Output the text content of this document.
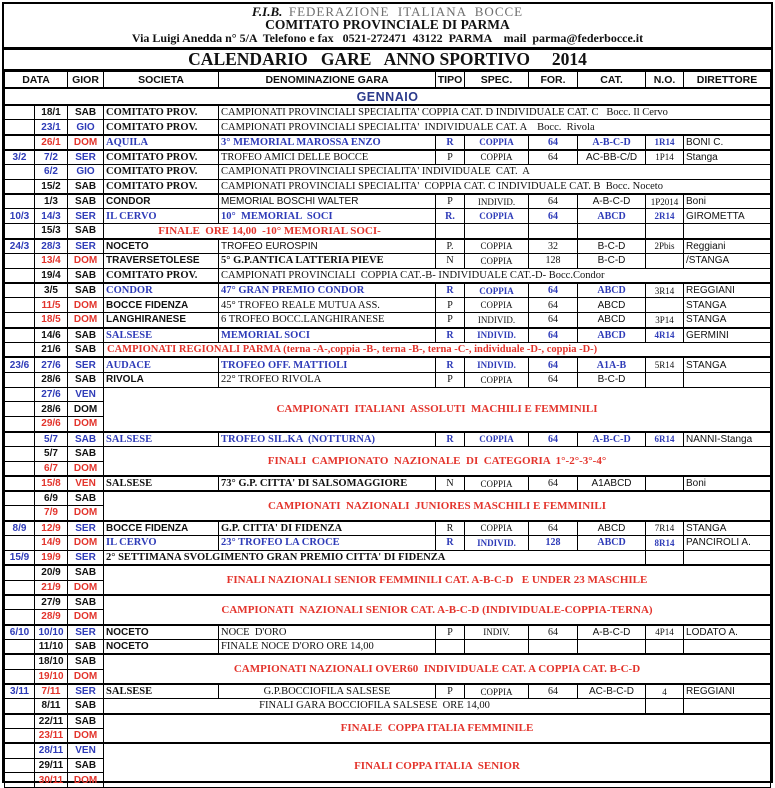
F.I.B. FEDERAZIONE  ITALIANA  BOCCE
COMITATO PROVINCIALE DI PARMA
Via Luigi Anedda n° 5/A  Telefono e fax   0521-272471  43122  PARMA    mail  parma@federbocce.it
CALENDARIO   GARE   ANNO SPORTIVO     2014
DATA		GIOR	SOCIETA	DENOMINAZIONE GARA	TIPO	SPEC.	FOR.	CAT.	N.O.	DIRETTORE
GENNAIO										
	18/1	SAB	COMITATO PROV.	CAMPIONATI PROVINCIALI SPECIALITA' COPPIA CAT. D INDIVIDUALE CAT. C   Bocc. Il Cervo						
	23/1	GIO	COMITATO PROV.	CAMPIONATI PROVINCIALI SPECIALITA'  INDIVIDUALE CAT. A    Bocc.  Rivola						
	26/1	DOM	AQUILA	3° MEMORIAL MAROSSA ENZO	R	COPPIA	64	A-B-C-D	1R14	BONI C.
3/2	7/2	SER	COMITATO PROV.	TROFEO AMICI DELLE BOCCE	P	COPPIA	64	AC-BB-C/D	1P14	Stanga
	6/2	GIO	COMITATO PROV.	CAMPIONATI PROVINCIALI SPECIALITA' INDIVIDUALE  CAT.  A						
	15/2	SAB	COMITATO PROV.	CAMPIONATI PROVINCIALI SPECIALITA'  COPPIA CAT. C INDIVIDUALE CAT. B  Bocc. Noceto						
	1/3	SAB	CONDOR	MEMORIAL BOSCHI WALTER	P	INDIVID.	64	A-B-C-D	1P2014	Boni
10/3	14/3	SER	IL CERVO	10°  MEMORIAL  SOCI	R.	COPPIA	64	ABCD	2R14	GIROMETTA
	15/3	SAB	FINALE  ORE 14,00  -10° MEMORIAL SOCI-							
24/3	28/3	SER	NOCETO	TROFEO EUROSPIN	P.	COPPIA	32	B-C-D	2Pbis	Reggiani
	13/4	DOM	TRAVERSETOLESE	5° G.P.ANTICA LATTERIA PIEVE	N	COPPIA	128	B-C-D		/STANGA
	19/4	SAB	COMITATO PROV.	CAMPIONATI PROVINCIALI  COPPIA CAT.-B- INDIVIDUALE CAT.-D- Bocc.Condor						
	3/5	SAB	CONDOR	47° GRAN PREMIO CONDOR	R	COPPIA	64	ABCD	3R14	REGGIANI
	11/5	DOM	BOCCE FIDENZA	45° TROFEO REALE MUTUA ASS.	P	COPPIA	64	ABCD		STANGA
	18/5	DOM	LANGHIRANESE	6 TROFEO BOCC.LANGHIRANESE	P	INDIVID.	64	ABCD	3P14	STANGA
	14/6	SAB	SALSESE	MEMORIAL SOCI	R	INDIVID.	64	ABCD	4R14	GERMINI
	21/6	SAB	CAMPIONATI REGIONALI PARMA (terna -A-,coppia -B-, terna -B-, terna -C-, individuale -D-, coppia -D-)							
23/6	27/6	SER	AUDACE	TROFEO OFF. MATTIOLI	R	INDIVID.	64	A1A-B	5R14	STANGA
	28/6	SAB	RIVOLA	22° TROFEO RIVOLA	P	COPPIA	64	B-C-D		
	27/6	VEN	CAMPIONATI  ITALIANI  ASSOLUTI  MACHILI E FEMMINILI							
	28/6	DOM								
	29/6	DOM								
	5/7	SAB	SALSESE	TROFEO SIL.KA  (NOTTURNA)	R	COPPIA	64	A-B-C-D	6R14	NANNI-Stanga
	5/7	SAB	FINALI  CAMPIONATO  NAZIONALE  DI  CATEGORIA  1°-2°-3°-4°							
	6/7	DOM								
	15/8	VEN	SALSESE	73° G.P. CITTA' DI SALSOMAGGIORE	N	COPPIA	64	A1ABCD		Boni
	6/9	SAB	CAMPIONATI  NAZIONALI  JUNIORES MASCHILI E FEMMINILI							
	7/9	DOM								
8/9	12/9	SER	BOCCE FIDENZA	G.P. CITTA' DI FIDENZA	R	COPPIA	64	ABCD	7R14	STANGA
	14/9	DOM	IL CERVO	23° TROFEO LA CROCE	R	INDIVID.	128	ABCD	8R14	PANCIROLI A.
15/9	19/9	SER	2° SETTIMANA SVOLGIMENTO GRAN PREMIO CITTA' DI FIDENZA							
	20/9	SAB	FINALI NAZIONALI SENIOR FEMMINILI CAT. A-B-C-D   E UNDER 23 MASCHILE							
	21/9	DOM								
	27/9	SAB	CAMPIONATI  NAZIONALI SENIOR CAT. A-B-C-D (INDIVIDUALE-COPPIA-TERNA)							
	28/9	DOM								
6/10	10/10	SER	NOCETO	NOCE  D'ORO	P	INDIV.	64	A-B-C-D	4P14	LODATO A.
	11/10	SAB	NOCETO	FINALE NOCE D'ORO ORE 14,00						
	18/10	SAB	CAMPIONATI NAZIONALI OVER60  INDIVIDUALE CAT. A COPPIA CAT. B-C-D							
	19/10	DOM								
3/11	7/11	SER	SALSESE	G.P.BOCCIOFILA SALSESE	P	COPPIA	64	AC-B-C-D	4	REGGIANI
	8/11	SAB	FINALI GARA BOCCIOFILA SALSESE  ORE 14,00							
	22/11	SAB	FINALE  COPPA ITALIA FEMMINILE							
	23/11	DOM								
	28/11	VEN	FINALI COPPA ITALIA  SENIOR							
	29/11	SAB								
	30/11	DOM								
